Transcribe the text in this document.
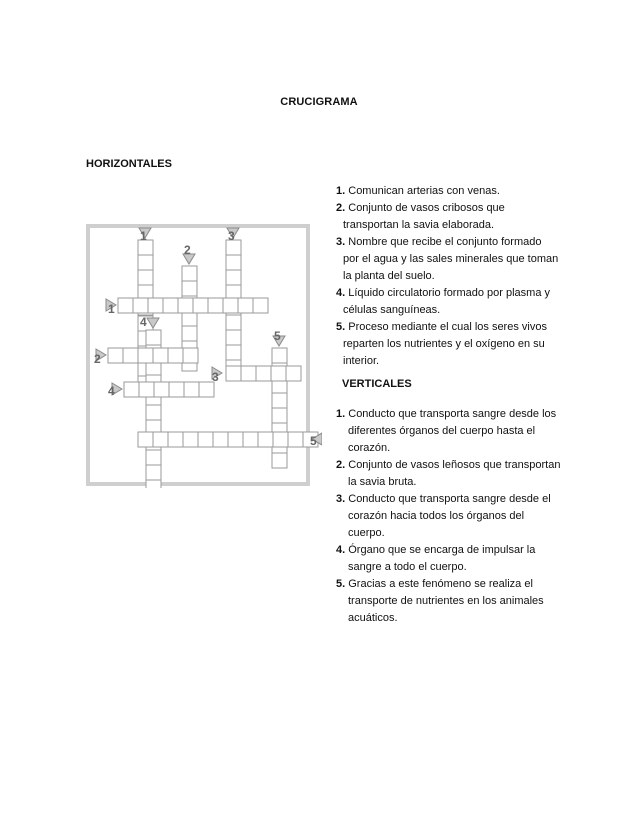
CRUCIGRAMA
HORIZONTALES
1. Comunican arterias con venas.
2. Conjunto de vasos cribosos que
transportan la savia elaborada.
3. Nombre que recibe el conjunto formado
por el agua y las sales minerales que toman
la planta del suelo.
4. Líquido circulatorio formado por plasma y
células sanguíneas.
5. Proceso mediante el cual los seres vivos
reparten los nutrientes y el oxígeno en su
interior.
VERTICALES
1. Conducto que transporta sangre desde los
diferentes órganos del cuerpo hasta el
corazón.
2. Conjunto de vasos leñosos que transportan
la savia bruta.
3. Conducto que transporta sangre desde el
corazón hacia todos los órganos del
cuerpo.
4. Órgano que se encarga de impulsar la
sangre a todo el cuerpo.
5. Gracias a este fenómeno se realiza el
transporte de nutrientes en los animales
acuáticos.
1
2
3
4
5
1
2
3
4
5
